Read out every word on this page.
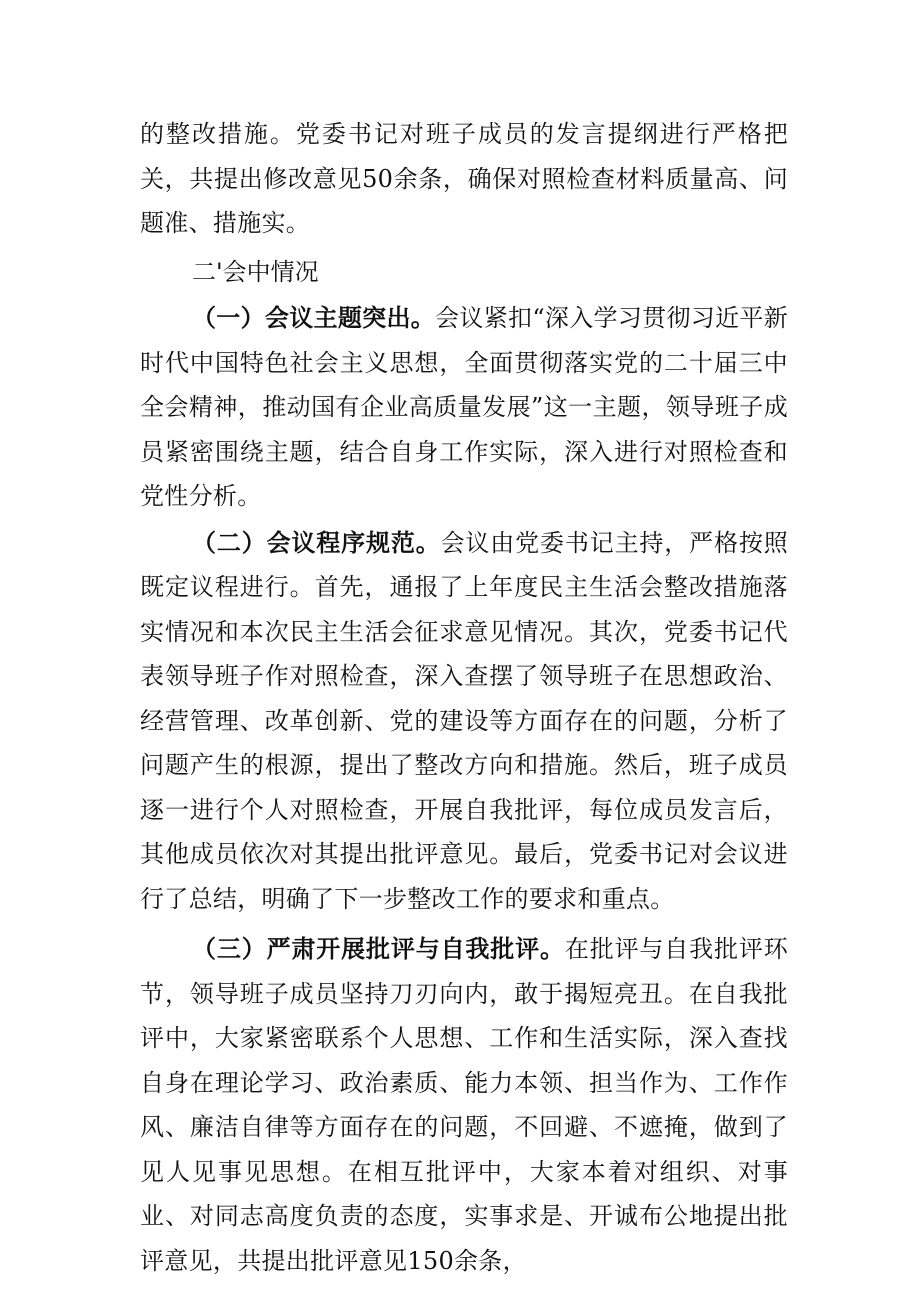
的整改措施。党委书记对班子成员的发言提纲进行严格把关，共提出修改意见50余条，确保对照检查材料质量高、问题准、措施实。

二'会中情况

（一）会议主题突出。会议紧扣“深入学习贯彻习近平新时代中国特色社会主义思想，全面贯彻落实党的二十届三中全会精神，推动国有企业高质量发展”这一主题，领导班子成员紧密围绕主题，结合自身工作实际，深入进行对照检查和党性分析。

（二）会议程序规范。会议由党委书记主持，严格按照既定议程进行。首先，通报了上年度民主生活会整改措施落实情况和本次民主生活会征求意见情况。其次，党委书记代表领导班子作对照检查，深入查摆了领导班子在思想政治、经营管理、改革创新、党的建设等方面存在的问题，分析了问题产生的根源，提出了整改方向和措施。然后，班子成员逐一进行个人对照检查，开展自我批评，每位成员发言后，其他成员依次对其提出批评意见。最后，党委书记对会议进行了总结，明确了下一步整改工作的要求和重点。

（三）严肃开展批评与自我批评。在批评与自我批评环节，领导班子成员坚持刀刃向内，敢于揭短亮丑。在自我批评中，大家紧密联系个人思想、工作和生活实际，深入查找自身在理论学习、政治素质、能力本领、担当作为、工作作风、廉洁自律等方面存在的问题，不回避、不遮掩，做到了见人见事见思想。在相互批评中，大家本着对组织、对事业、对同志高度负责的态度，实事求是、开诚布公地提出批评意见，共提出批评意见150余条，
